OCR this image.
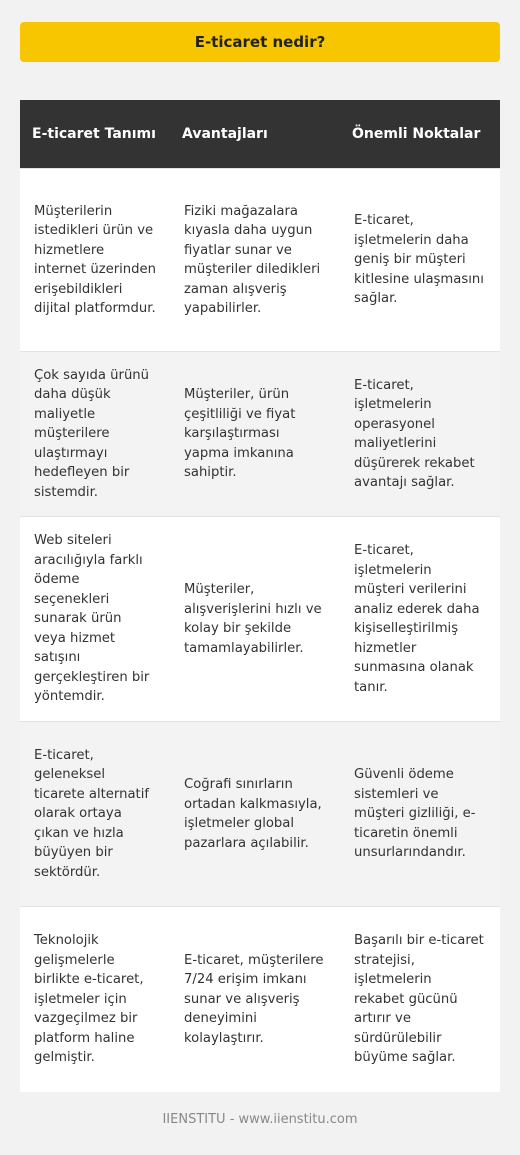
E-ticaret nedir?
E-ticaret Tanımı	Avantajları	Önemli Noktalar
Müşterilerin istedikleri ürün ve hizmetlere internet üzerinden erişebildikleri dijital platformdur.	Fiziki mağazalara kıyasla daha uygun fiyatlar sunar ve müşteriler diledikleri zaman alışveriş yapabilirler.	E-ticaret, işletmelerin daha geniş bir müşteri kitlesine ulaşmasını sağlar.
Çok sayıda ürünü daha düşük maliyetle müşterilere ulaştırmayı hedefleyen bir sistemdir.	Müşteriler, ürün çeşitliliği ve fiyat karşılaştırması yapma imkanına sahiptir.	E-ticaret, işletmelerin operasyonel maliyetlerini düşürerek rekabet avantajı sağlar.
Web siteleri aracılığıyla farklı ödeme seçenekleri sunarak ürün veya hizmet satışını gerçekleştiren bir yöntemdir.	Müşteriler, alışverişlerini hızlı ve kolay bir şekilde tamamlayabilirler.	E-ticaret, işletmelerin müşteri verilerini analiz ederek daha kişiselleştirilmiş hizmetler sunmasına olanak tanır.
E-ticaret, geleneksel ticarete alternatif olarak ortaya çıkan ve hızla büyüyen bir sektördür.	Coğrafi sınırların ortadan kalkmasıyla, işletmeler global pazarlara açılabilir.	Güvenli ödeme sistemleri ve müşteri gizliliği, e-ticaretin önemli unsurlarındandır.
Teknolojik gelişmelerle birlikte e-ticaret, işletmeler için vazgeçilmez bir platform haline gelmiştir.	E-ticaret, müşterilere 7/24 erişim imkanı sunar ve alışveriş deneyimini kolaylaştırır.	Başarılı bir e-ticaret stratejisi, işletmelerin rekabet gücünü artırır ve sürdürülebilir büyüme sağlar.
IIENSTITU - www.iienstitu.com
